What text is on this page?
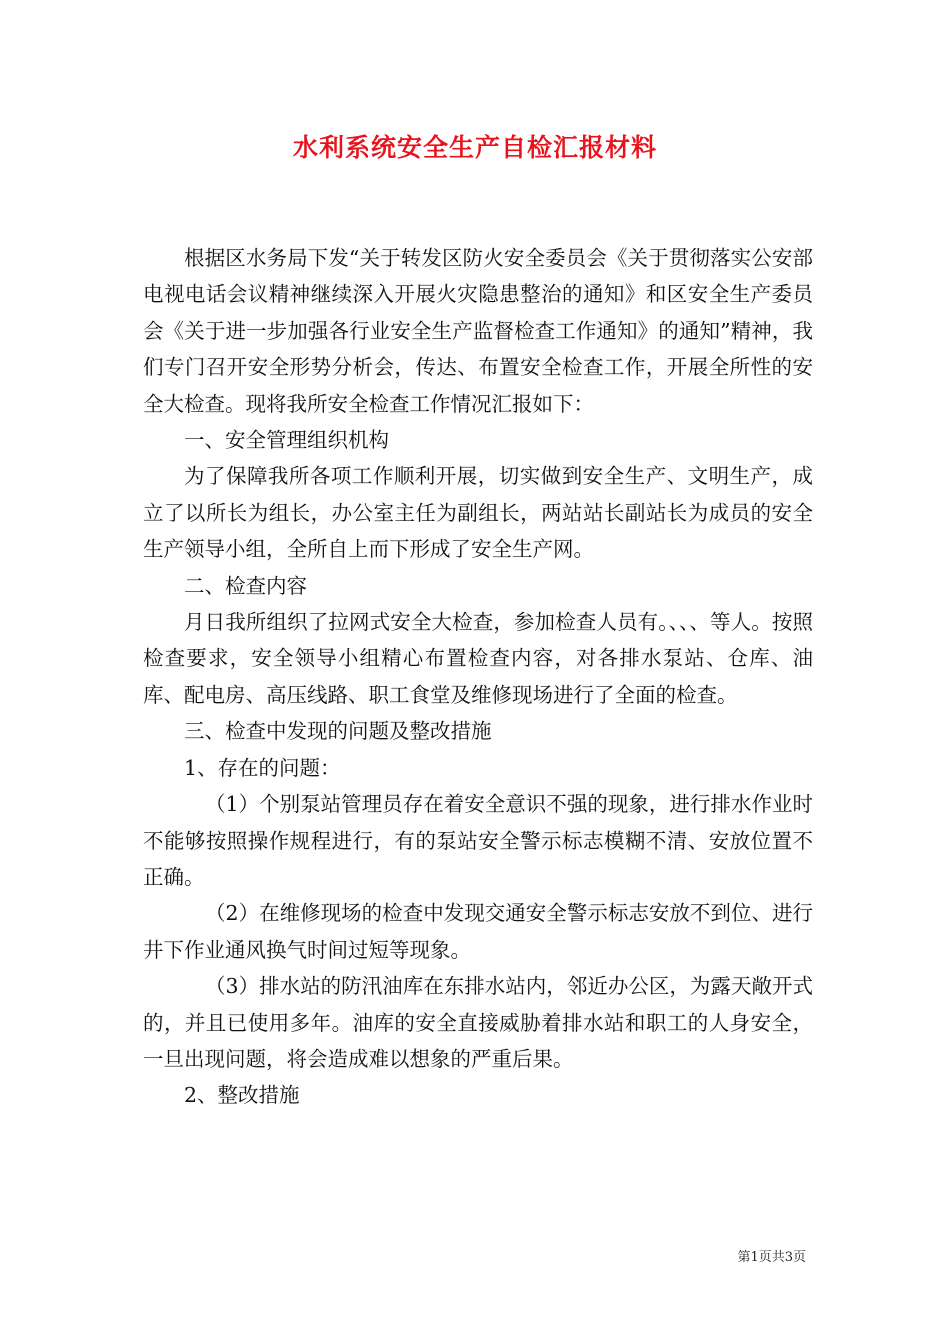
水利系统安全生产自检汇报材料

根据区水务局下发“关于转发区防火安全委员会《关于贯彻落实公安部电视电话会议精神继续深入开展火灾隐患整治的通知》和区安全生产委员会《关于进一步加强各行业安全生产监督检查工作通知》的通知”精神，我们专门召开安全形势分析会，传达、布置安全检查工作，开展全所性的安全大检查。现将我所安全检查工作情况汇报如下：

一、安全管理组织机构

为了保障我所各项工作顺利开展，切实做到安全生产、文明生产，成立了以所长为组长，办公室主任为副组长，两站站长副站长为成员的安全生产领导小组，全所自上而下形成了安全生产网。

二、检查内容

月日我所组织了拉网式安全大检查，参加检查人员有。、、、等人。按照检查要求，安全领导小组精心布置检查内容，对各排水泵站、仓库、油库、配电房、高压线路、职工食堂及维修现场进行了全面的检查。

三、检查中发现的问题及整改措施

1、存在的问题：

（1）个别泵站管理员存在着安全意识不强的现象，进行排水作业时不能够按照操作规程进行，有的泵站安全警示标志模糊不清、安放位置不正确。

（2）在维修现场的检查中发现交通安全警示标志安放不到位、进行井下作业通风换气时间过短等现象。

（3）排水站的防汛油库在东排水站内，邻近办公区，为露天敞开式的，并且已使用多年。油库的安全直接威胁着排水站和职工的人身安全，一旦出现问题，将会造成难以想象的严重后果。

2、整改措施

第1页共3页
